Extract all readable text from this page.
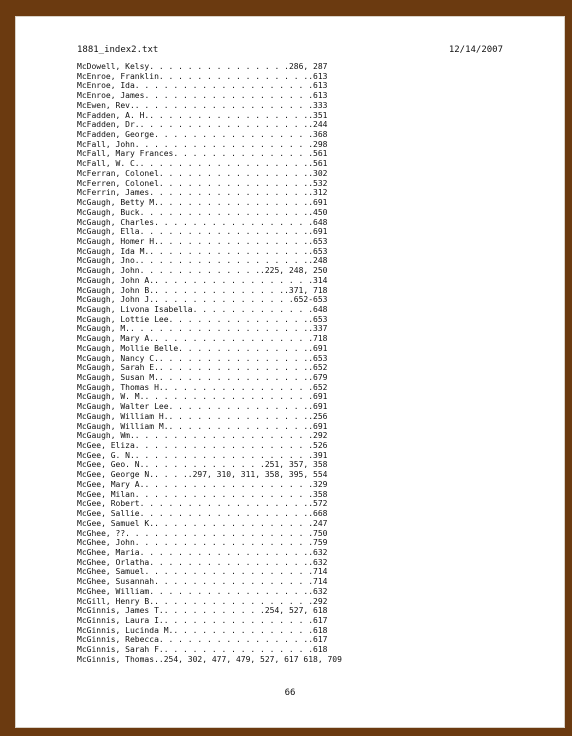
1881_index2.txt	12/14/2007
McDowell, Kelsy. . . . . . . . . . . . . . .286, 287
McEnroe, Franklin. . . . . . . . . . . . . . . ..613
McEnroe, Ida. . . . . . . . . . . . . . . . . . .613
McEnroe, James. . . . . . . . . . . . . . . . . .613
McEwen, Rev.. . . . . . . . . . . . . . . . . . .333
McFadden, A. H.. . . . . . . . . . . . . . . . ..351
McFadden, Dr.. . . . . . . . . . . . . . . . . ..244
McFadden, George. . . . . . . . . . . . . . . . .368
McFall, John. . . . . . . . . . . . . . . . . . .298
McFall, Mary Frances. . . . . . . . . . . . . . .561
McFall, W. C.. . . . . . . . . . . . . . . . . ..561
McFerran, Colonel. . . . . . . . . . . . . . . ..302
McFerren, Colonel. . . . . . . . . . . . . . . ..532
McFerrin, James. . . . . . . . . . . . . . . . ..312
McGaugh, Betty M.. . . . . . . . . . . . . . . ..691
McGaugh, Buck. . . . . . . . . . . . . . . . . ..450
McGaugh, Charles. . . . . . . . . . . . . . . . .648
McGaugh, Ella. . . . . . . . . . . . . . . . . ..691
McGaugh, Homer H.. . . . . . . . . . . . . . . ..653
McGaugh, Ida M.. . . . . . . . . . . . . . . . ..653
McGaugh, Jno.. . . . . . . . . . . . . . . . . ..248
McGaugh, John. . . . . . . . . . . . ..225, 248, 250
McGaugh, John A.. . . . . . . . . . . . . . . . .314
McGaugh, John B.. . . . . . . . . . . . . ..371, 718
McGaugh, John J.. . . . . . . . . . . . . . .652-653
McGaugh, Livona Isabella. . . . . . . . . . . . .648
McGaugh, Lottie Lee. . . . . . . . . . . . . . ..653
McGaugh, M.. . . . . . . . . . . . . . . . . . ..337
McGaugh, Mary A.. . . . . . . . . . . . . . . . .718
McGaugh, Mollie Belle. . . . . . . . . . . . . ..691
McGaugh, Nancy C.. . . . . . . . . . . . . . . ..653
McGaugh, Sarah E.. . . . . . . . . . . . . . . ..652
McGaugh, Susan M.. . . . . . . . . . . . . . . ..679
McGaugh, Thomas H.. . . . . . . . . . . . . . . .652
McGaugh, W. M.. . . . . . . . . . . . . . . . . .691
McGaugh, Walter Lee. . . . . . . . . . . . . . ..691
McGaugh, William H.. . . . . . . . . . . . . . ..256
McGaugh, William M.. . . . . . . . . . . . . . ..691
McGaugh, Wm.. . . . . . . . . . . . . . . . . . .292
McGee, Eliza. . . . . . . . . . . . . . . . . . .526
McGee, G. N.. . . . . . . . . . . . . . . . . . .391
McGee, Geo. N.. . . . . . . . . . . . .251, 357, 358
McGee, George N.. . . ..297, 310, 311, 358, 395, 554
McGee, Mary A.. . . . . . . . . . . . . . . . . .329
McGee, Milan. . . . . . . . . . . . . . . . . . .358
McGee, Robert. . . . . . . . . . . . . . . . . ..572
McGee, Sallie. . . . . . . . . . . . . . . . . ..668
McGee, Samuel K.. . . . . . . . . . . . . . . . .247
McGhee, ??. . . . . . . . . . . . . . . . . . . .750
McGhee, John. . . . . . . . . . . . . . . . . . .759
McGhee, Maria. . . . . . . . . . . . . . . . . ..632
McGhee, Orlatha. . . . . . . . . . . . . . . . ..632
McGhee, Samuel. . . . . . . . . . . . . . . . . .714
McGhee, Susannah. . . . . . . . . . . . . . . . .714
McGhee, William. . . . . . . . . . . . . . . . ..632
McGill, Henry B.. . . . . . . . . . . . . . . . .292
McGinnis, James T.. . . . . . . . . . .254, 527, 618
McGinnis, Laura I.. . . . . . . . . . . . . . . .617
McGinnis, Lucinda M.. . . . . . . . . . . . . . .618
McGinnis, Rebecca. . . . . . . . . . . . . . . ..617
McGinnis, Sarah F.. . . . . . . . . . . . . . . .618
McGinnis, Thomas..254, 302, 477, 479, 527, 617 618, 709
66
